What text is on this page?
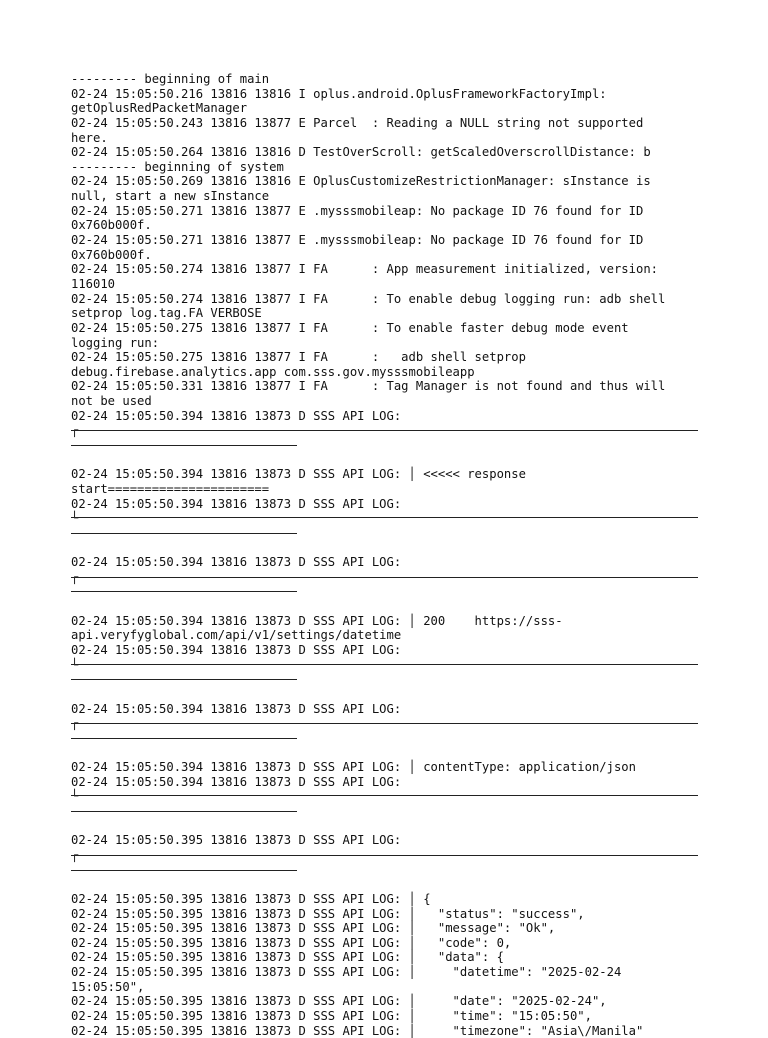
--------- beginning of main
02-24 15:05:50.216 13816 13816 I oplus.android.OplusFrameworkFactoryImpl:
getOplusRedPacketManager
02-24 15:05:50.243 13816 13877 E Parcel  : Reading a NULL string not supported
here.
02-24 15:05:50.264 13816 13816 D TestOverScroll: getScaledOverscrollDistance: b
--------- beginning of system
02-24 15:05:50.269 13816 13816 E OplusCustomizeRestrictionManager: sInstance is
null, start a new sInstance
02-24 15:05:50.271 13816 13877 E .mysssmobileap: No package ID 76 found for ID
0x760b000f.
02-24 15:05:50.271 13816 13877 E .mysssmobileap: No package ID 76 found for ID
0x760b000f.
02-24 15:05:50.274 13816 13877 I FA      : App measurement initialized, version:
116010
02-24 15:05:50.274 13816 13877 I FA      : To enable debug logging run: adb shell
setprop log.tag.FA VERBOSE
02-24 15:05:50.275 13816 13877 I FA      : To enable faster debug mode event
logging run:
02-24 15:05:50.275 13816 13877 I FA      :   adb shell setprop
debug.firebase.analytics.app com.sss.gov.mysssmobileapp
02-24 15:05:50.331 13816 13877 I FA      : Tag Manager is not found and thus will
not be used
02-24 15:05:50.394 13816 13873 D SSS API LOG:
┌
02-24 15:05:50.394 13816 13873 D SSS API LOG: │ <<<<< response
start======================
02-24 15:05:50.394 13816 13873 D SSS API LOG:
└
02-24 15:05:50.394 13816 13873 D SSS API LOG:
┌
02-24 15:05:50.394 13816 13873 D SSS API LOG: │ 200    https://sss-
api.veryfyglobal.com/api/v1/settings/datetime
02-24 15:05:50.394 13816 13873 D SSS API LOG:
└
02-24 15:05:50.394 13816 13873 D SSS API LOG:
┌
02-24 15:05:50.394 13816 13873 D SSS API LOG: │ contentType: application/json
02-24 15:05:50.394 13816 13873 D SSS API LOG:
└
02-24 15:05:50.395 13816 13873 D SSS API LOG:
┌
02-24 15:05:50.395 13816 13873 D SSS API LOG: │ {
02-24 15:05:50.395 13816 13873 D SSS API LOG: │   "status": "success",
02-24 15:05:50.395 13816 13873 D SSS API LOG: │   "message": "Ok",
02-24 15:05:50.395 13816 13873 D SSS API LOG: │   "code": 0,
02-24 15:05:50.395 13816 13873 D SSS API LOG: │   "data": {
02-24 15:05:50.395 13816 13873 D SSS API LOG: │     "datetime": "2025-02-24
15:05:50",
02-24 15:05:50.395 13816 13873 D SSS API LOG: │     "date": "2025-02-24",
02-24 15:05:50.395 13816 13873 D SSS API LOG: │     "time": "15:05:50",
02-24 15:05:50.395 13816 13873 D SSS API LOG: │     "timezone": "Asia\/Manila"
